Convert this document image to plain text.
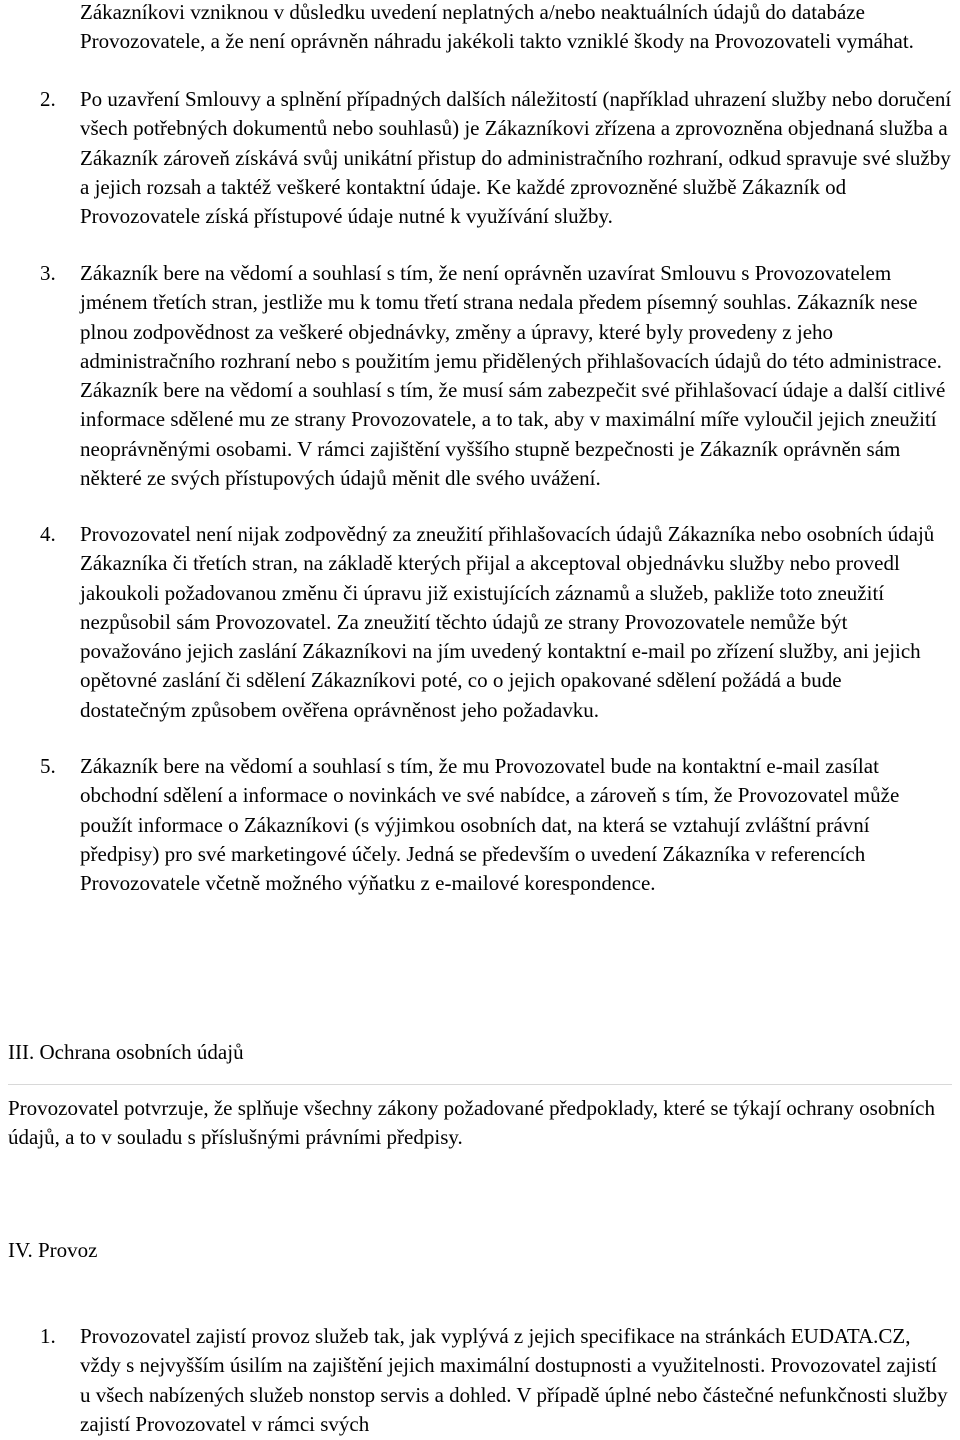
Zákazníkovi vzniknou v důsledku uvedení neplatných a/nebo neaktuálních údajů do databáze Provozovatele, a že není oprávněn náhradu jakékoli takto vzniklé škody na Provozovateli vymáhat.
2.	Po uzavření Smlouvy a splnění případných dalších náležitostí (například uhrazení služby nebo doručení všech potřebných dokumentů nebo souhlasů) je Zákazníkovi zřízena a zprovozněna objednaná služba a Zákazník zároveň získává svůj unikátní přistup do administračního rozhraní, odkud spravuje své služby a jejich rozsah a taktéž veškeré kontaktní údaje. Ke každé zprovozněné službě Zákazník od Provozovatele získá přístupové údaje nutné k využívání služby.
3.	Zákazník bere na vědomí a souhlasí s tím, že není oprávněn uzavírat Smlouvu s Provozovatelem jménem třetích stran, jestliže mu k tomu třetí strana nedala předem písemný souhlas. Zákazník nese plnou zodpovědnost za veškeré objednávky, změny a úpravy, které byly provedeny z jeho administračního rozhraní nebo s použitím jemu přidělených přihlašovacích údajů do této administrace. Zákazník bere na vědomí a souhlasí s tím, že musí sám zabezpečit své přihlašovací údaje a další citlivé informace sdělené mu ze strany Provozovatele, a to tak, aby v maximální míře vyloučil jejich zneužití neoprávněnými osobami. V rámci zajištění vyššího stupně bezpečnosti je Zákazník oprávněn sám některé ze svých přístupových údajů měnit dle svého uvážení.
4.	Provozovatel není nijak zodpovědný za zneužití přihlašovacích údajů Zákazníka nebo osobních údajů Zákazníka či třetích stran, na základě kterých přijal a akceptoval objednávku služby nebo provedl jakoukoli požadovanou změnu či úpravu již existujících záznamů a služeb, pakliže toto zneužití nezpůsobil sám Provozovatel. Za zneužití těchto údajů ze strany Provozovatele nemůže být považováno jejich zaslání Zákazníkovi na jím uvedený kontaktní e-mail po zřízení služby, ani jejich opětovné zaslání či sdělení Zákazníkovi poté, co o jejich opakované sdělení požádá a bude dostatečným způsobem ověřena oprávněnost jeho požadavku.
5.	Zákazník bere na vědomí a souhlasí s tím, že mu Provozovatel bude na kontaktní e-mail zasílat obchodní sdělení a informace o novinkách ve své nabídce, a zároveň s tím, že Provozovatel může použít informace o Zákazníkovi (s výjimkou osobních dat, na která se vztahují zvláštní právní předpisy) pro své marketingové účely. Jedná se především o uvedení Zákazníka v referencích Provozovatele včetně možného výňatku z e-mailové korespondence.
III. Ochrana osobních údajů
Provozovatel potvrzuje, že splňuje všechny zákony požadované předpoklady, které se týkají ochrany osobních údajů, a to v souladu s příslušnými právními předpisy.
IV. Provoz
1.	Provozovatel zajistí provoz služeb tak, jak vyplývá z jejich specifikace na stránkách EUDATA.CZ, vždy s nejvyšším úsilím na zajištění jejich maximální dostupnosti a využitelnosti. Provozovatel zajistí u všech nabízených služeb nonstop servis a dohled. V případě úplné nebo částečné nefunkčnosti služby zajistí Provozovatel v rámci svých
